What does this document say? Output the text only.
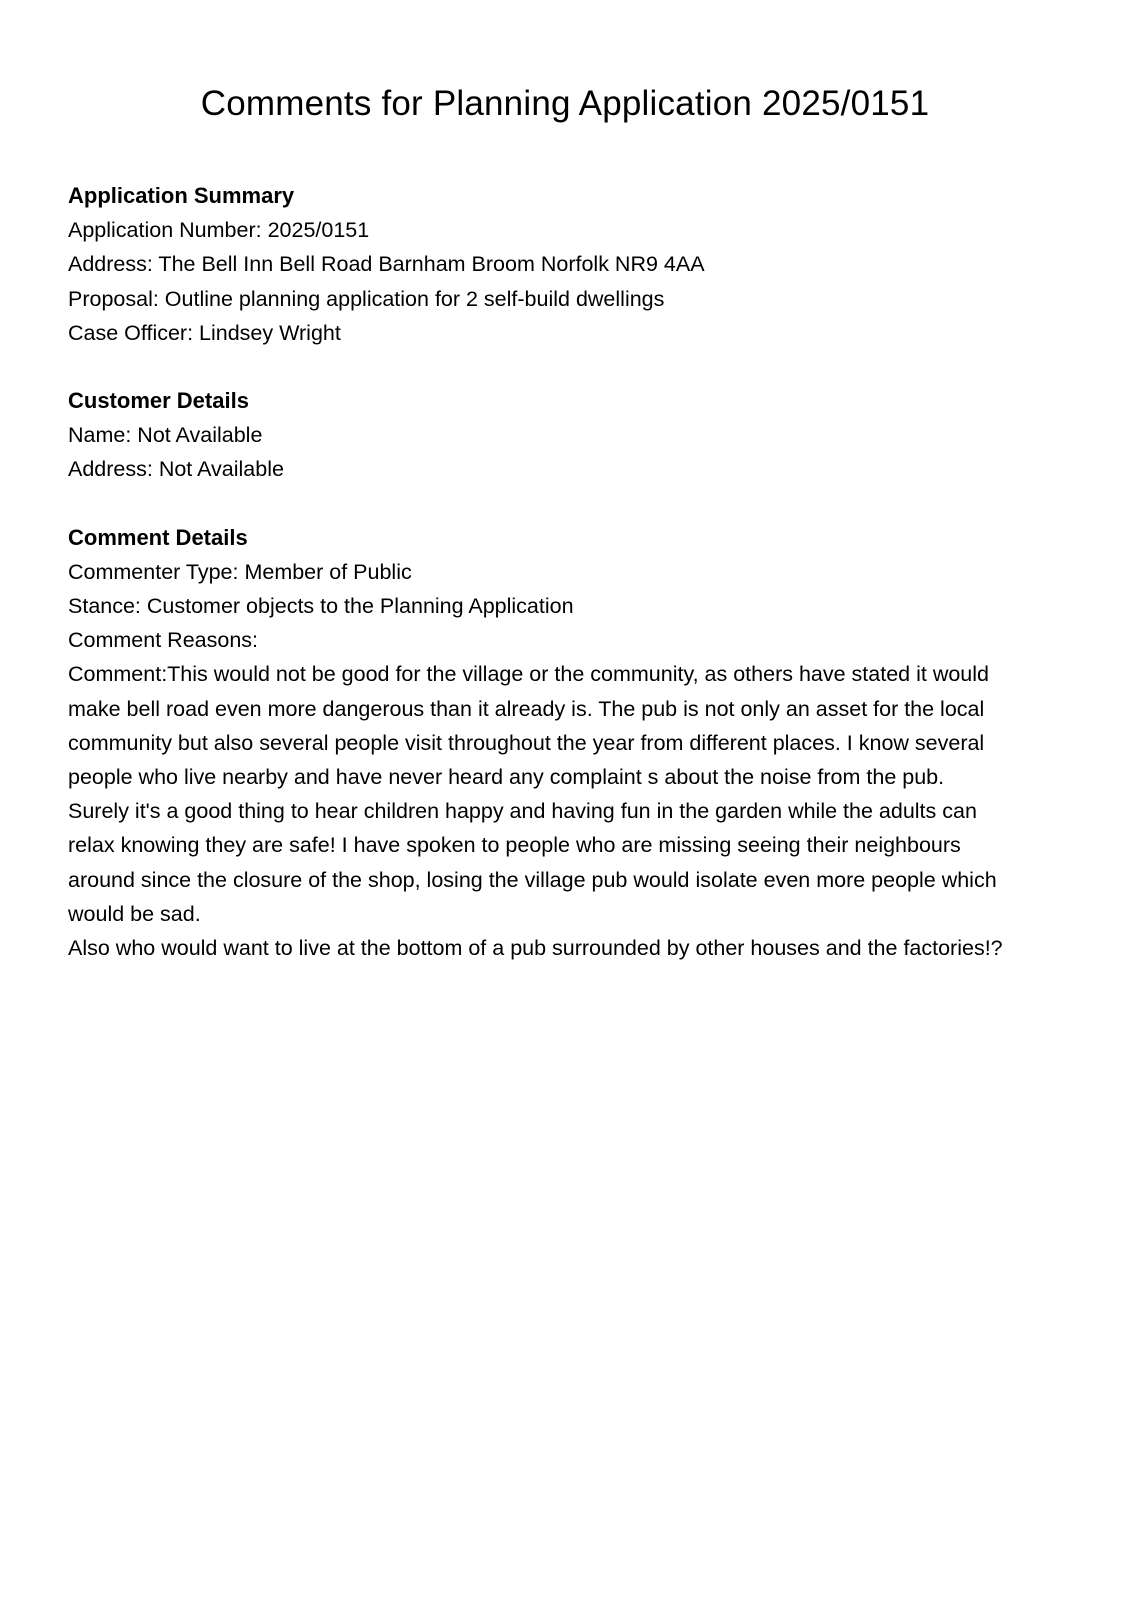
Comments for Planning Application 2025/0151

Application Summary

Application Number: 2025/0151

Address: The Bell Inn Bell Road Barnham Broom Norfolk NR9 4AA

Proposal: Outline planning application for 2 self-build dwellings

Case Officer: Lindsey Wright

Customer Details

Name: Not Available

Address: Not Available

Comment Details

Commenter Type: Member of Public

Stance: Customer objects to the Planning Application

Comment Reasons:

Comment:This would not be good for the village or the community, as others have stated it would
make bell road even more dangerous than it already is. The pub is not only an asset for the local
community but also several people visit throughout the year from different places. I know several
people who live nearby and have never heard any complaint s about the noise from the pub.
Surely it's a good thing to hear children happy and having fun in the garden while the adults can
relax knowing they are safe! I have spoken to people who are missing seeing their neighbours
around since the closure of the shop, losing the village pub would isolate even more people which
would be sad.
Also who would want to live at the bottom of a pub surrounded by other houses and the factories!?
